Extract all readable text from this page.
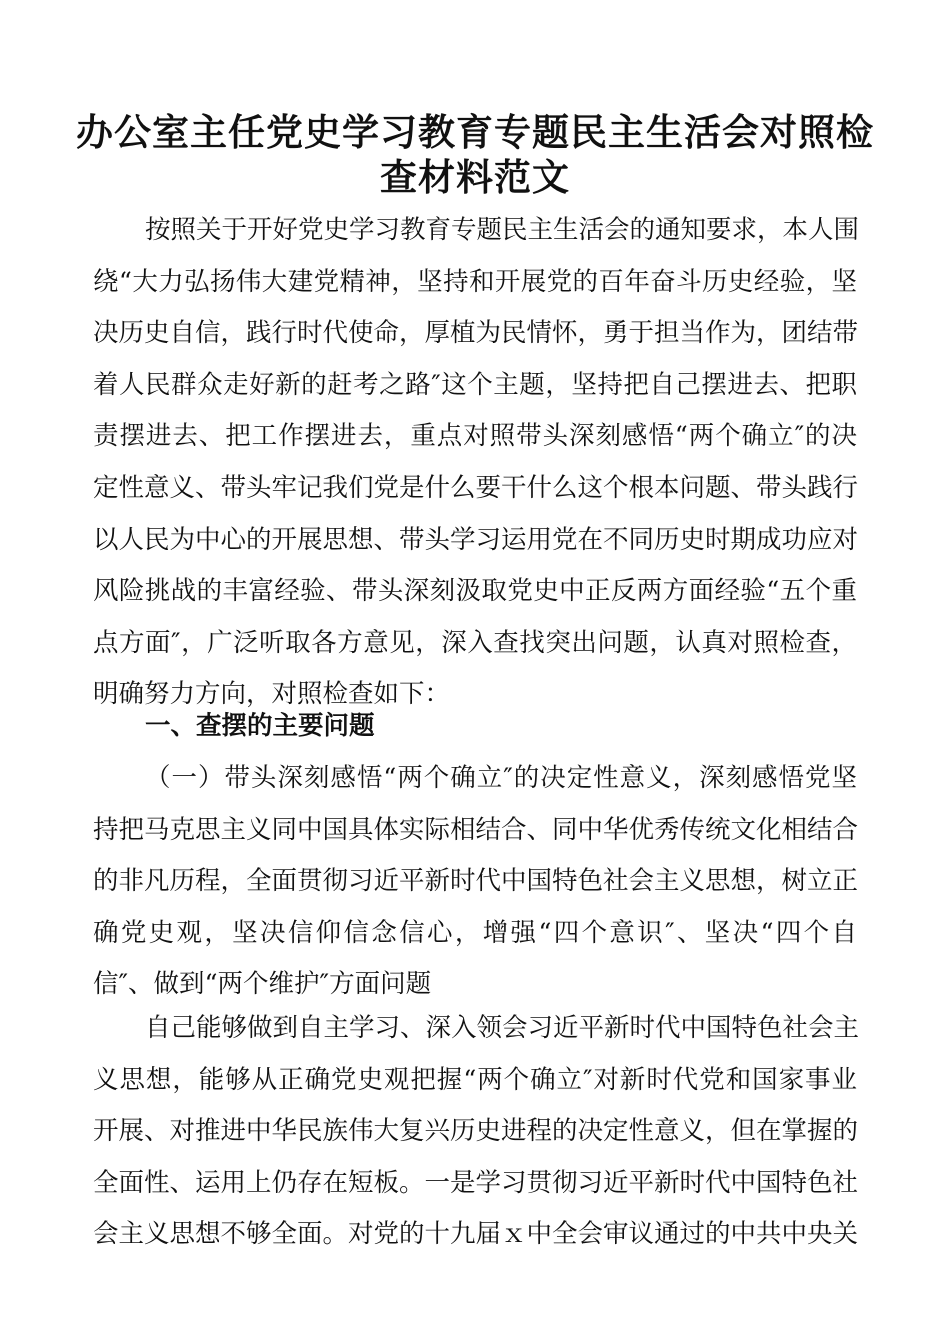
办公室主任党史学习教育专题民主生活会对照检
查材料范文

按照关于开好党史学习教育专题民主生活会的通知要求，本人围

绕“大力弘扬伟大建党精神，坚持和开展党的百年奋斗历史经验，坚

决历史自信，践行时代使命，厚植为民情怀，勇于担当作为，团结带

着人民群众走好新的赶考之路″这个主题，坚持把自己摆进去、把职

责摆进去、把工作摆进去，重点对照带头深刻感悟“两个确立″的决

定性意义、带头牢记我们党是什么要干什么这个根本问题、带头践行

以人民为中心的开展思想、带头学习运用党在不同历史时期成功应对

风险挑战的丰富经验、带头深刻汲取党史中正反两方面经验“五个重

点方面″，广泛听取各方意见，深入查找突出问题，认真对照检查，

明确努力方向，对照检查如下：

一、查摆的主要问题

（一）带头深刻感悟“两个确立″的决定性意义，深刻感悟党坚

持把马克思主义同中国具体实际相结合、同中华优秀传统文化相结合

的非凡历程，全面贯彻习近平新时代中国特色社会主义思想，树立正

确党史观，坚决信仰信念信心，增强“四个意识″、坚决“四个自

信″、做到“两个维护″方面问题

自己能够做到自主学习、深入领会习近平新时代中国特色社会主

义思想，能够从正确党史观把握“两个确立″对新时代党和国家事业

开展、对推进中华民族伟大复兴历史进程的决定性意义，但在掌握的

全面性、运用上仍存在短板。一是学习贯彻习近平新时代中国特色社

会主义思想不够全面。对党的十九届ｘ中全会审议通过的中共中央关
